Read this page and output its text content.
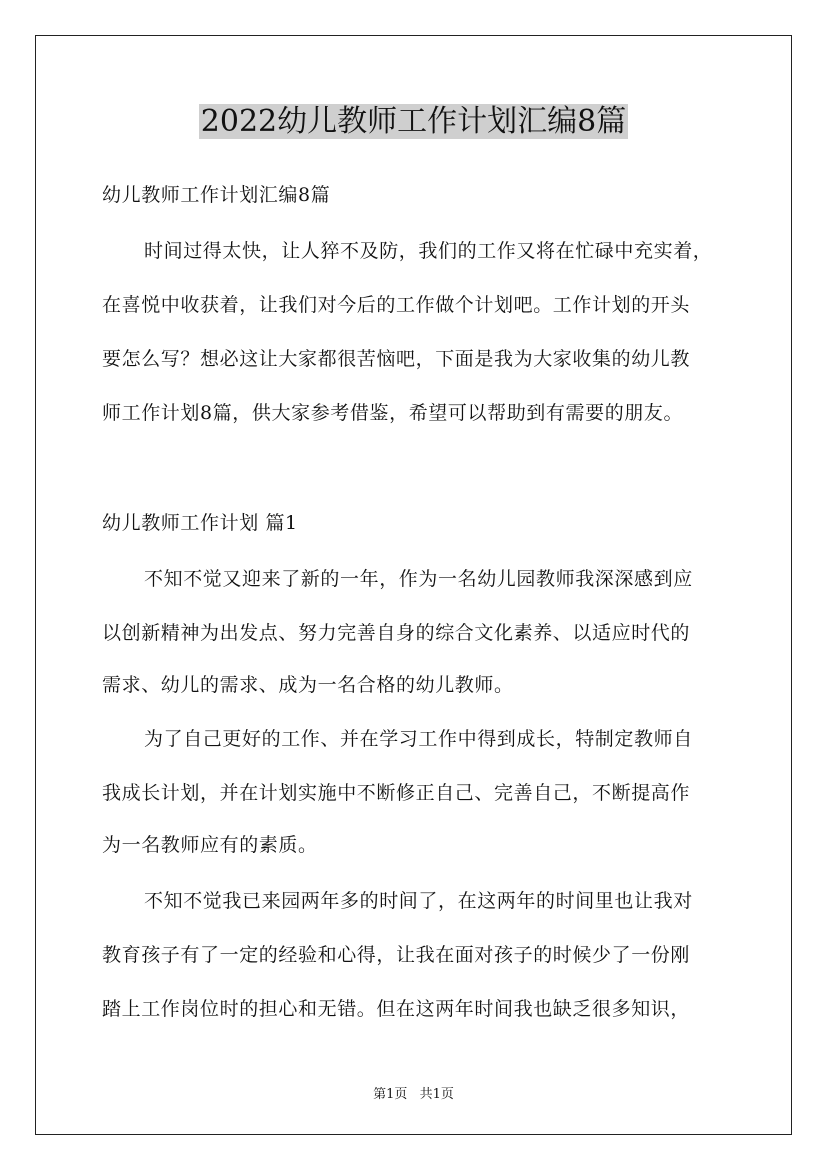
2022幼儿教师工作计划汇编8篇
幼儿教师工作计划汇编8篇
时间过得太快，让人猝不及防，我们的工作又将在忙碌中充实着，
在喜悦中收获着，让我们对今后的工作做个计划吧。工作计划的开头
要怎么写？想必这让大家都很苦恼吧，下面是我为大家收集的幼儿教
师工作计划8篇，供大家参考借鉴，希望可以帮助到有需要的朋友。
幼儿教师工作计划 篇1
不知不觉又迎来了新的一年，作为一名幼儿园教师我深深感到应
以创新精神为出发点、努力完善自身的综合文化素养、以适应时代的
需求、幼儿的需求、成为一名合格的幼儿教师。
为了自己更好的工作、并在学习工作中得到成长，特制定教师自
我成长计划，并在计划实施中不断修正自己、完善自己，不断提高作
为一名教师应有的素质。
不知不觉我已来园两年多的时间了，在这两年的时间里也让我对
教育孩子有了一定的经验和心得，让我在面对孩子的时候少了一份刚
踏上工作岗位时的担心和无错。但在这两年时间我也缺乏很多知识，
第1页 共1页
